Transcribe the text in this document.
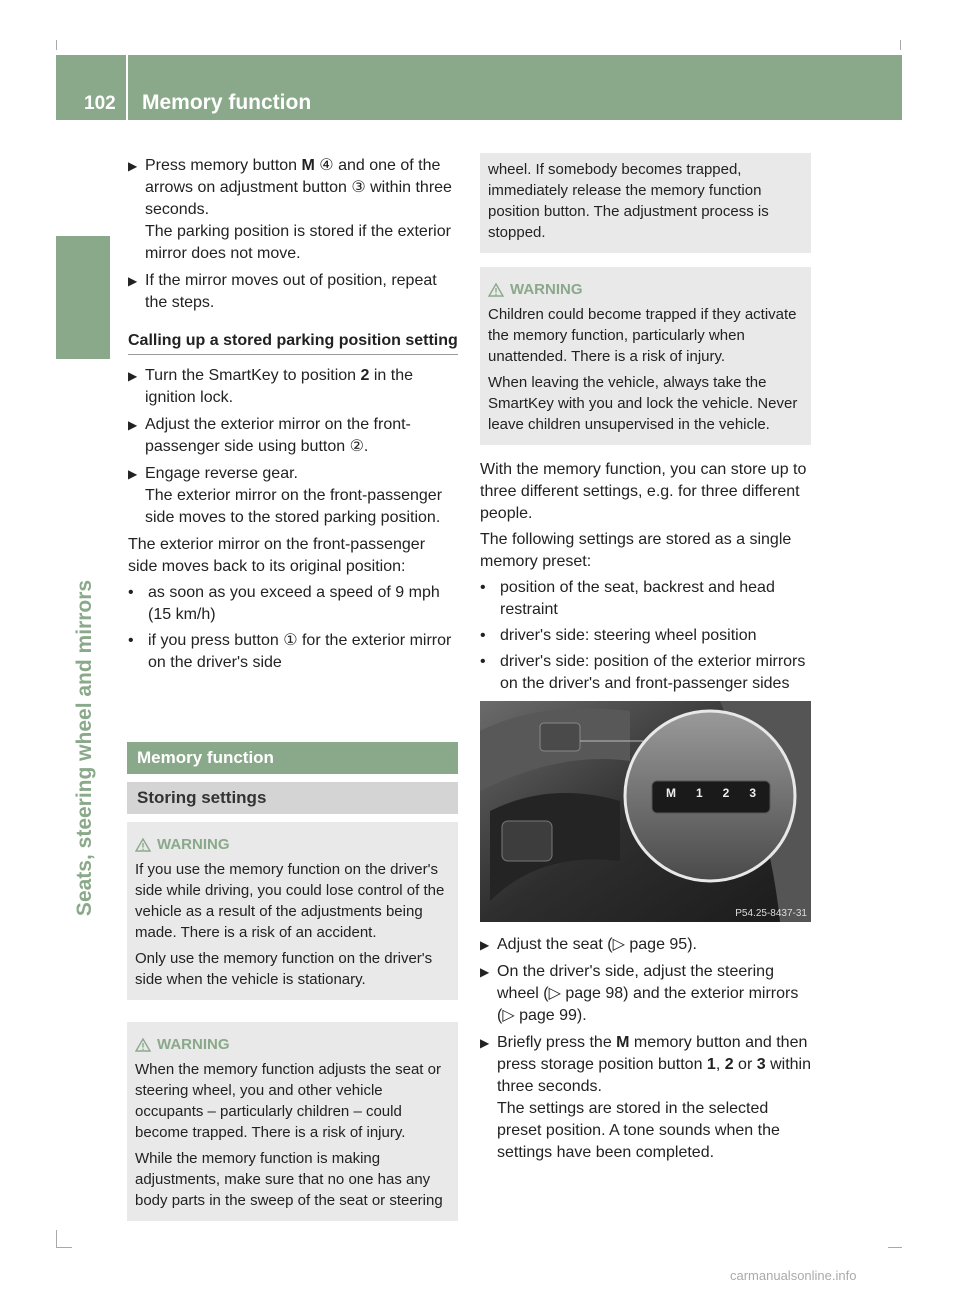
102 Memory function
Seats, steering wheel and mirrors

▶ Press memory button M ④ and one of the arrows on adjustment button ③ within three seconds.
The parking position is stored if the exterior mirror does not move.

▶ If the mirror moves out of position, repeat the steps.

Calling up a stored parking position setting

▶ Turn the SmartKey to position 2 in the ignition lock.

▶ Adjust the exterior mirror on the front-passenger side using button ②.

▶ Engage reverse gear.
The exterior mirror on the front-passenger side moves to the stored parking position.

The exterior mirror on the front-passenger side moves back to its original position:

• as soon as you exceed a speed of 9 mph (15 km/h)

• if you press button ① for the exterior mirror on the driver's side

Memory function
Storing settings
WARNING

If you use the memory function on the driver's side while driving, you could lose control of the vehicle as a result of the adjustments being made. There is a risk of an accident.

Only use the memory function on the driver's side when the vehicle is stationary.

WARNING

When the memory function adjusts the seat or steering wheel, you and other vehicle occupants – particularly children – could become trapped. There is a risk of injury.

While the memory function is making adjustments, make sure that no one has any body parts in the sweep of the seat or steering

wheel. If somebody becomes trapped, immediately release the memory function position button. The adjustment process is stopped.

WARNING

Children could become trapped if they activate the memory function, particularly when unattended. There is a risk of injury.

When leaving the vehicle, always take the SmartKey with you and lock the vehicle. Never leave children unsupervised in the vehicle.

With the memory function, you can store up to three different settings, e.g. for three different people.

The following settings are stored as a single memory preset:

• position of the seat, backrest and head restraint

• driver's side: steering wheel position

• driver's side: position of the exterior mirrors on the driver's and front-passenger sides

M 1 2 3
P54.25-8437-31

▶ Adjust the seat (▷ page 95).

▶ On the driver's side, adjust the steering wheel (▷ page 98) and the exterior mirrors (▷ page 99).

▶ Briefly press the M memory button and then press storage position button 1, 2 or 3 within three seconds.
The settings are stored in the selected preset position. A tone sounds when the settings have been completed.

carmanualsonline.info
